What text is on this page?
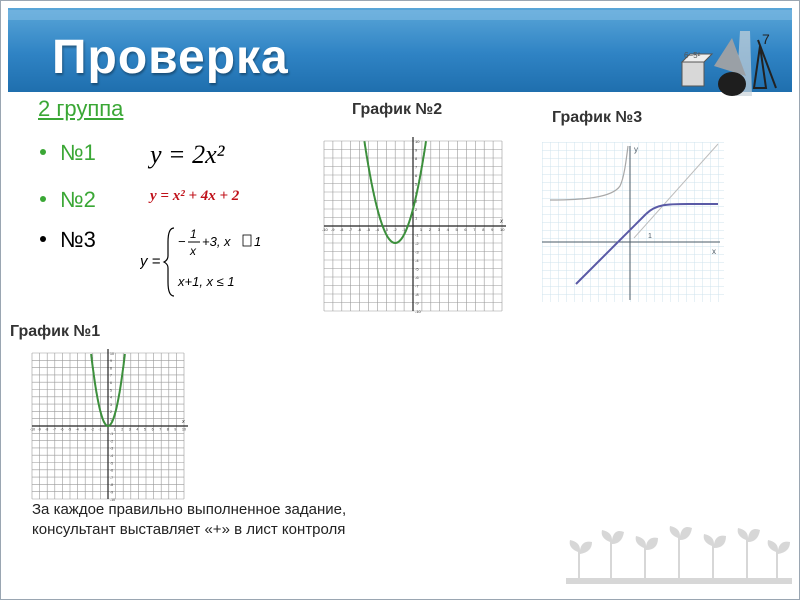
Проверка	7
6−5²
2 группа
№1
№2
№3
y = 2x²
y = x² + 4x + 2
y =
− 1
x
+3, x 1
x+1, x ≤ 1
График №2	График №3
График №1
-10
-10
-9
-9
-8
-8
-7
-7
-6
-6
-5
-5
-4
-4
-3
-3
-2
-2
-1
-1
1
1
2
2
3
3
4
4
5
5
6
6
7
7
8
8
9
9
10
10
x
-10
-10
-9
-9
-8
-8
-7
-7
-6
-6
-5
-5
-4
-4
-3
-3
-2
-2
-1
-1
1
1
2
2
3
3
4
4
5
5
6
6
7
7
8
8
9
9
10
10
x
x
y
1
За каждое правильно выполненное задание,
консультант выставляет «+» в лист контроля
